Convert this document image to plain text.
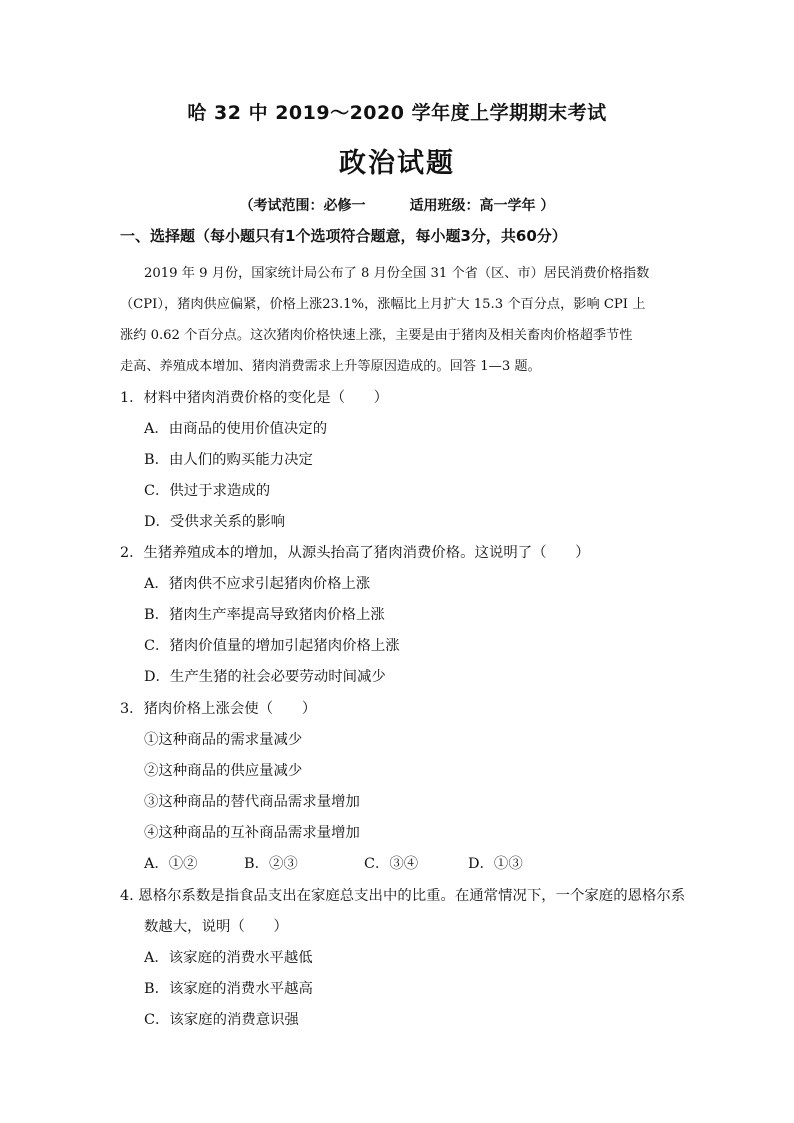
哈 32 中 2019～2020 学年度上学期期末考试
政治试题
（考试范围：必修一	适用班级：高一学年 ）
一、选择题（每小题只有1个选项符合题意，每小题3分，共60分）
2019 年 9 月份，国家统计局公布了 8 月份全国 31 个省（区、市）居民消费价格指数
（CPI），猪肉供应偏紧，价格上涨23.1%，涨幅比上月扩大 15.3 个百分点，影响 CPI 上
涨约 0.62 个百分点。这次猪肉价格快速上涨，主要是由于猪肉及相关畜肉价格超季节性
走高、养殖成本增加、猪肉消费需求上升等原因造成的。回答 1—3 题。
1．材料中猪肉消费价格的变化是（　　）
A．由商品的使用价值决定的
B．由人们的购买能力决定
C．供过于求造成的
D．受供求关系的影响
2．生猪养殖成本的增加，从源头抬高了猪肉消费价格。这说明了（　　）
A．猪肉供不应求引起猪肉价格上涨
B．猪肉生产率提高导致猪肉价格上涨
C．猪肉价值量的增加引起猪肉价格上涨
D．生产生猪的社会必要劳动时间减少
3．猪肉价格上涨会使（　　）
①这种商品的需求量减少
②这种商品的供应量减少
③这种商品的替代商品需求量增加
④这种商品的互补商品需求量增加
A．①②	B．②③	C．③④	D．①③
4. 恩格尔系数是指食品支出在家庭总支出中的比重。在通常情况下，一个家庭的恩格尔系
数越大，说明（　　）
A．该家庭的消费水平越低
B．该家庭的消费水平越高
C．该家庭的消费意识强
